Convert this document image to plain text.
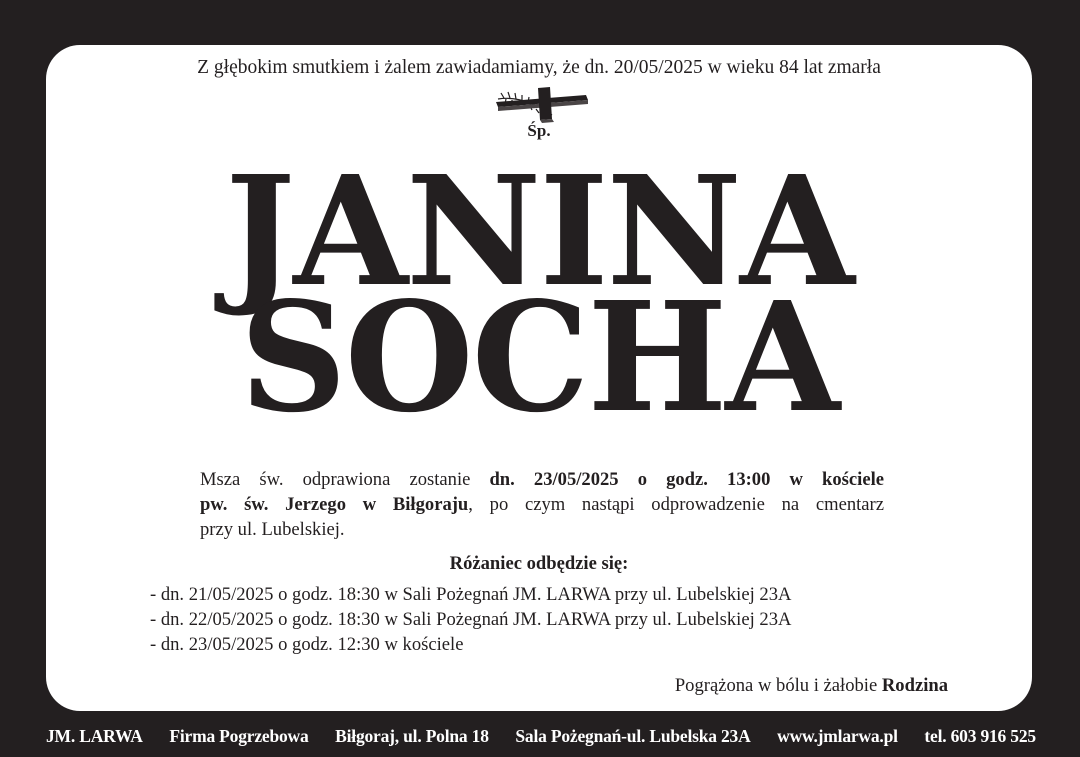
Z głębokim smutkiem i żalem zawiadamiamy, że dn. 20/05/2025 w wieku 84 lat zmarła

Śp.

JANINA
SOCHA
Msza św. odprawiona zostanie dn. 23/05/2025 o godz. 13:00 w kościele
pw. św. Jerzego w Biłgoraju, po czym nastąpi odprowadzenie na cmentarz
przy ul. Lubelskiej.

Różaniec odbędzie się:

- dn. 21/05/2025 o godz. 18:30 w Sali Pożegnań JM. LARWA przy ul. Lubelskiej 23A
- dn. 22/05/2025 o godz. 18:30 w Sali Pożegnań JM. LARWA przy ul. Lubelskiej 23A
- dn. 23/05/2025 o godz. 12:30 w kościele

Pogrążona w bólu i żałobie Rodzina

JM. LARWA Firma Pogrzebowa Biłgoraj, ul. Polna 18 Sala Pożegnań-ul. Lubelska 23A www.jmlarwa.pl tel. 603 916 525
